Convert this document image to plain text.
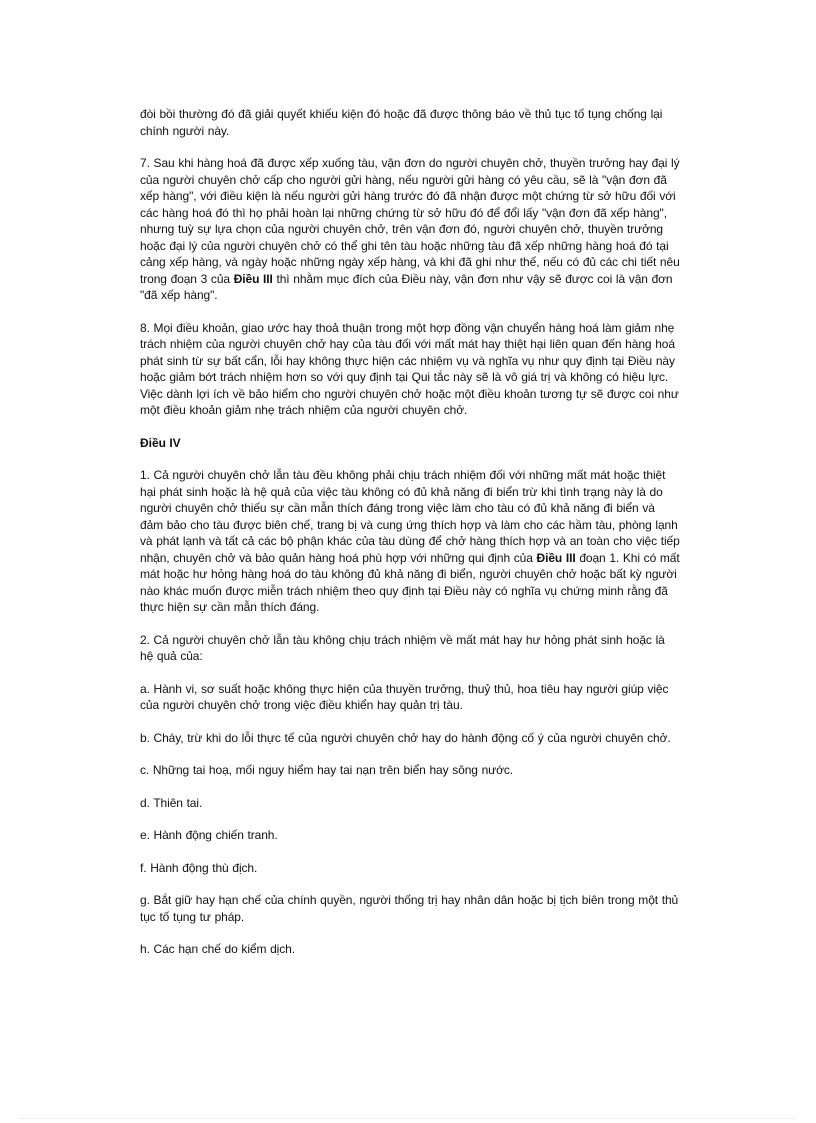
đòi bồi thường đó đã giải quyết khiếu kiện đó hoặc đã được thông báo về thủ tục tố tụng chống lại chính người này.

7. Sau khi hàng hoá đã được xếp xuống tàu, vận đơn do người chuyên chở, thuyền trưởng hay đại lý của người chuyên chở cấp cho người gửi hàng, nếu người gửi hàng có yêu cầu, sẽ là "vận đơn đã xếp hàng", với điều kiện là nếu người gửi hàng trước đó đã nhận được một chứng từ sở hữu đối với các hàng hoá đó thì họ phải hoàn lại những chứng từ sở hữu đó để đổi lấy "vận đơn đã xếp hàng", nhưng tuỳ sự lựa chọn của người chuyên chở, trên vận đơn đó, người chuyên chở, thuyền trưởng hoặc đại lý của người chuyên chở có thể ghi tên tàu hoặc những tàu đã xếp những hàng hoá đó tại cảng xếp hàng, và ngày hoặc những ngày xếp hàng, và khi đã ghi như thế, nếu có đủ các chi tiết nêu trong đoạn 3 của Điều III thì nhằm mục đích của Điều này, vận đơn như vậy sẽ được coi là vận đơn "đã xếp hàng".

8. Mọi điều khoản, giao ước hay thoả thuận trong một hợp đồng vận chuyển hàng hoá làm giảm nhẹ trách nhiệm của người chuyên chở hay của tàu đối với mất mát hay thiệt hại liên quan đến hàng hoá phát sinh từ sự bất cẩn, lỗi hay không thực hiện các nhiệm vụ và nghĩa vụ như quy định tại Điều này hoặc giảm bớt trách nhiệm hơn so với quy định tại Qui tắc này sẽ là vô giá trị và không có hiệu lực. Việc dành lợi ích về bảo hiểm cho người chuyên chở hoặc một điều khoản tương tự sẽ được coi như một điều khoản giảm nhẹ trách nhiệm của người chuyên chở.

Điều IV

1. Cả người chuyên chở lẫn tàu đều không phải chịu trách nhiệm đối với những mất mát hoặc thiệt hại phát sinh hoặc là hệ quả của việc tàu không có đủ khả năng đi biển trừ khi tình trạng này là do người chuyên chở thiếu sự cần mẫn thích đáng trong việc làm cho tàu có đủ khả năng đi biển và đảm bảo cho tàu được biên chế, trang bị và cung ứng thích hợp và làm cho các hầm tàu, phòng lạnh và phát lạnh và tất cả các bộ phận khác của tàu dùng để chở hàng thích hợp và an toàn cho việc tiếp nhận, chuyên chở và bảo quản hàng hoá phù hợp với những qui định của Điều III đoạn 1. Khi có mất mát hoặc hư hỏng hàng hoá do tàu không đủ khả năng đi biển, người chuyên chở hoặc bất kỳ người nào khác muốn được miễn trách nhiệm theo quy định tại Điều này có nghĩa vụ chứng minh rằng đã thực hiện sự cần mẫn thích đáng.

2. Cả người chuyên chở lẫn tàu không chịu trách nhiệm về mất mát hay hư hỏng phát sinh hoặc là hệ quả của:

a. Hành vi, sơ suất hoặc không thực hiện của thuyền trưởng, thuỷ thủ, hoa tiêu hay người giúp việc của người chuyên chở trong việc điều khiển hay quản trị tàu.

b. Cháy, trừ khi do lỗi thực tế của người chuyên chở hay do hành động cố ý của người chuyên chở.

c. Những tai hoạ, mối nguy hiểm hay tai nạn trên biển hay sông nước.

d. Thiên tai.

e. Hành động chiến tranh.

f. Hành động thù địch.

g. Bắt giữ hay hạn chế của chính quyền, người thống trị hay nhân dân hoặc bị tịch biên trong một thủ tục tố tụng tư pháp.

h. Các hạn chế do kiểm dịch.
